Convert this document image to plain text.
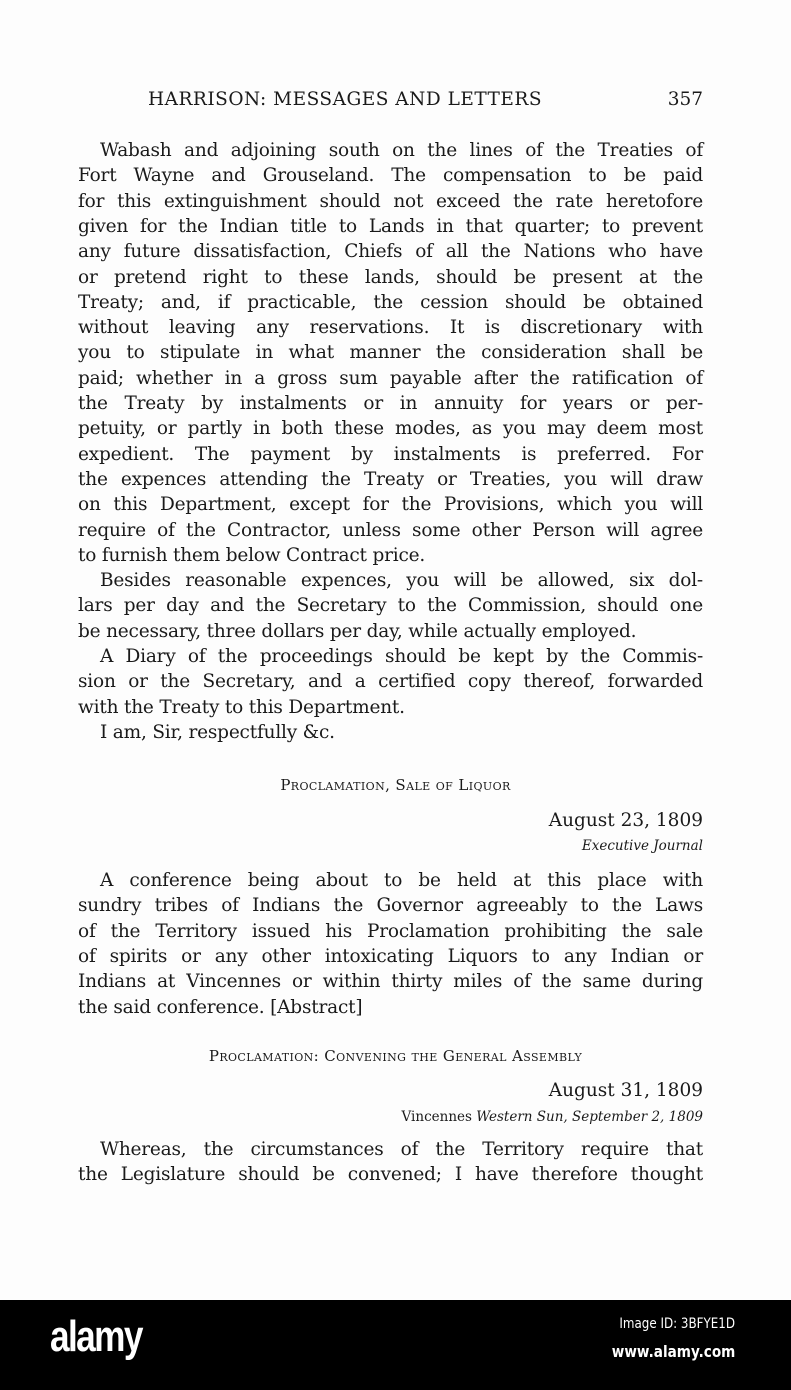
HARRISON: MESSAGES AND LETTERS	357
Wabash and adjoining south on the lines of the Treaties of
Fort Wayne and Grouseland. The compensation to be paid
for this extinguishment should not exceed the rate heretofore
given for the Indian title to Lands in that quarter; to prevent
any future dissatisfaction, Chiefs of all the Nations who have
or pretend right to these lands, should be present at the
Treaty; and, if practicable, the cession should be obtained
without leaving any reservations. It is discretionary with
you to stipulate in what manner the consideration shall be
paid; whether in a gross sum payable after the ratification of
the Treaty by instalments or in annuity for years or per-
petuity, or partly in both these modes, as you may deem most
expedient. The payment by instalments is preferred. For
the expences attending the Treaty or Treaties, you will draw
on this Department, except for the Provisions, which you will
require of the Contractor, unless some other Person will agree
to furnish them below Contract price.
Besides reasonable expences, you will be allowed, six dol-
lars per day and the Secretary to the Commission, should one
be necessary, three dollars per day, while actually employed.
A Diary of the proceedings should be kept by the Commis-
sion or the Secretary, and a certified copy thereof, forwarded
with the Treaty to this Department.
A conference being about to be held at this place with
sundry tribes of Indians the Governor agreeably to the Laws
of the Territory issued his Proclamation prohibiting the sale
of spirits or any other intoxicating Liquors to any Indian or
Indians at Vincennes or within thirty miles of the same during
the said conference. [Abstract]
Whereas, the circumstances of the Territory require that
the Legislature should be convened; I have therefore thought
I am, Sir, respectfully &c.
Proclamation, Sale of Liquor
August 23, 1809
Executive Journal
Proclamation: Convening the General Assembly
August 31, 1809
Vincennes Western Sun, September 2, 1809
alamy	Image ID: 3BFYE1D
www.alamy.com
